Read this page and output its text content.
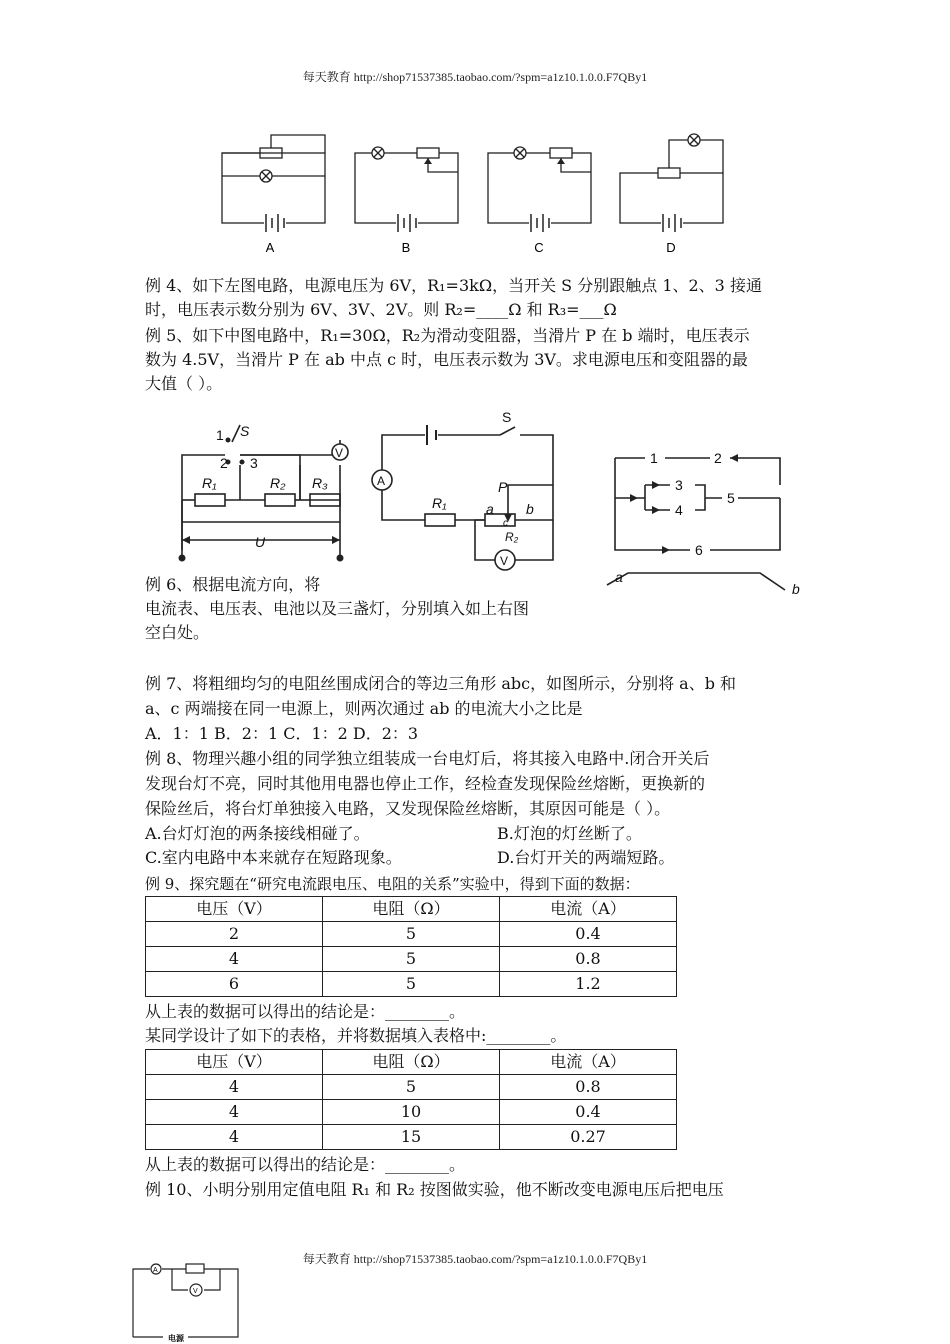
每天教育 http://shop71537385.taobao.com/?spm=a1z10.1.0.0.F7QBy1
A	B	C	D
例 4、如下左图电路，电源电压为 6V，R₁=3kΩ，当开关 S 分别跟触点 1、2、3 接通
时，电压表示数分别为 6V、3V、2V。则 R₂=____Ω 和 R₃=___Ω
例 5、如下中图电路中，R₁=30Ω，R₂为滑动变阻器，当滑片 P 在 b 端时，电压表示
数为 4.5V，当滑片 P 在 ab 中点 c 时，电压表示数为 3V。求电源电压和变阻器的最
大值（ ）。
S
1
2 3
R₁	R₂ R₃
V
U
S
A
R₁
P
a
c
b
R₂
V
1	2
3
4
5
6
a
b
例 6、根据电流方向，将
电流表、电压表、电池以及三盏灯，分别填入如上右图
空白处。
例 7、将粗细均匀的电阻丝围成闭合的等边三角形 abc，如图所示，分别将 a、b 和
a、c 两端接在同一电源上，则两次通过 ab 的电流大小之比是
A．1：1 B．2：1 C．1：2 D．2：3
例 8、物理兴趣小组的同学独立组装成一台电灯后，将其接入电路中.闭合开关后
发现台灯不亮，同时其他用电器也停止工作，经检查发现保险丝熔断，更换新的
保险丝后，将台灯单独接入电路，又发现保险丝熔断，其原因可能是（ ）。
A.台灯灯泡的两条接线相碰了。	B.灯泡的灯丝断了。
C.室内电路中本来就存在短路现象。	D.台灯开关的两端短路。
例 9、探究题在“研究电流跟电压、电阻的关系”实验中，得到下面的数据：
电压（V）	电阻（Ω）	电流（A）
2	5	0.4
4	5	0.8
6	5	1.2
从上表的数据可以得出的结论是：________。
某同学设计了如下的表格，并将数据填入表格中:________。
电压（V）	电阻（Ω）	电流（A）
4	5	0.8
4	10	0.4
4	15	0.27
从上表的数据可以得出的结论是：________。
例 10、小明分别用定值电阻 R₁ 和 R₂ 按图做实验，他不断改变电源电压后把电压
每天教育 http://shop71537385.taobao.com/?spm=a1z10.1.0.0.F7QBy1
A
V
电源
